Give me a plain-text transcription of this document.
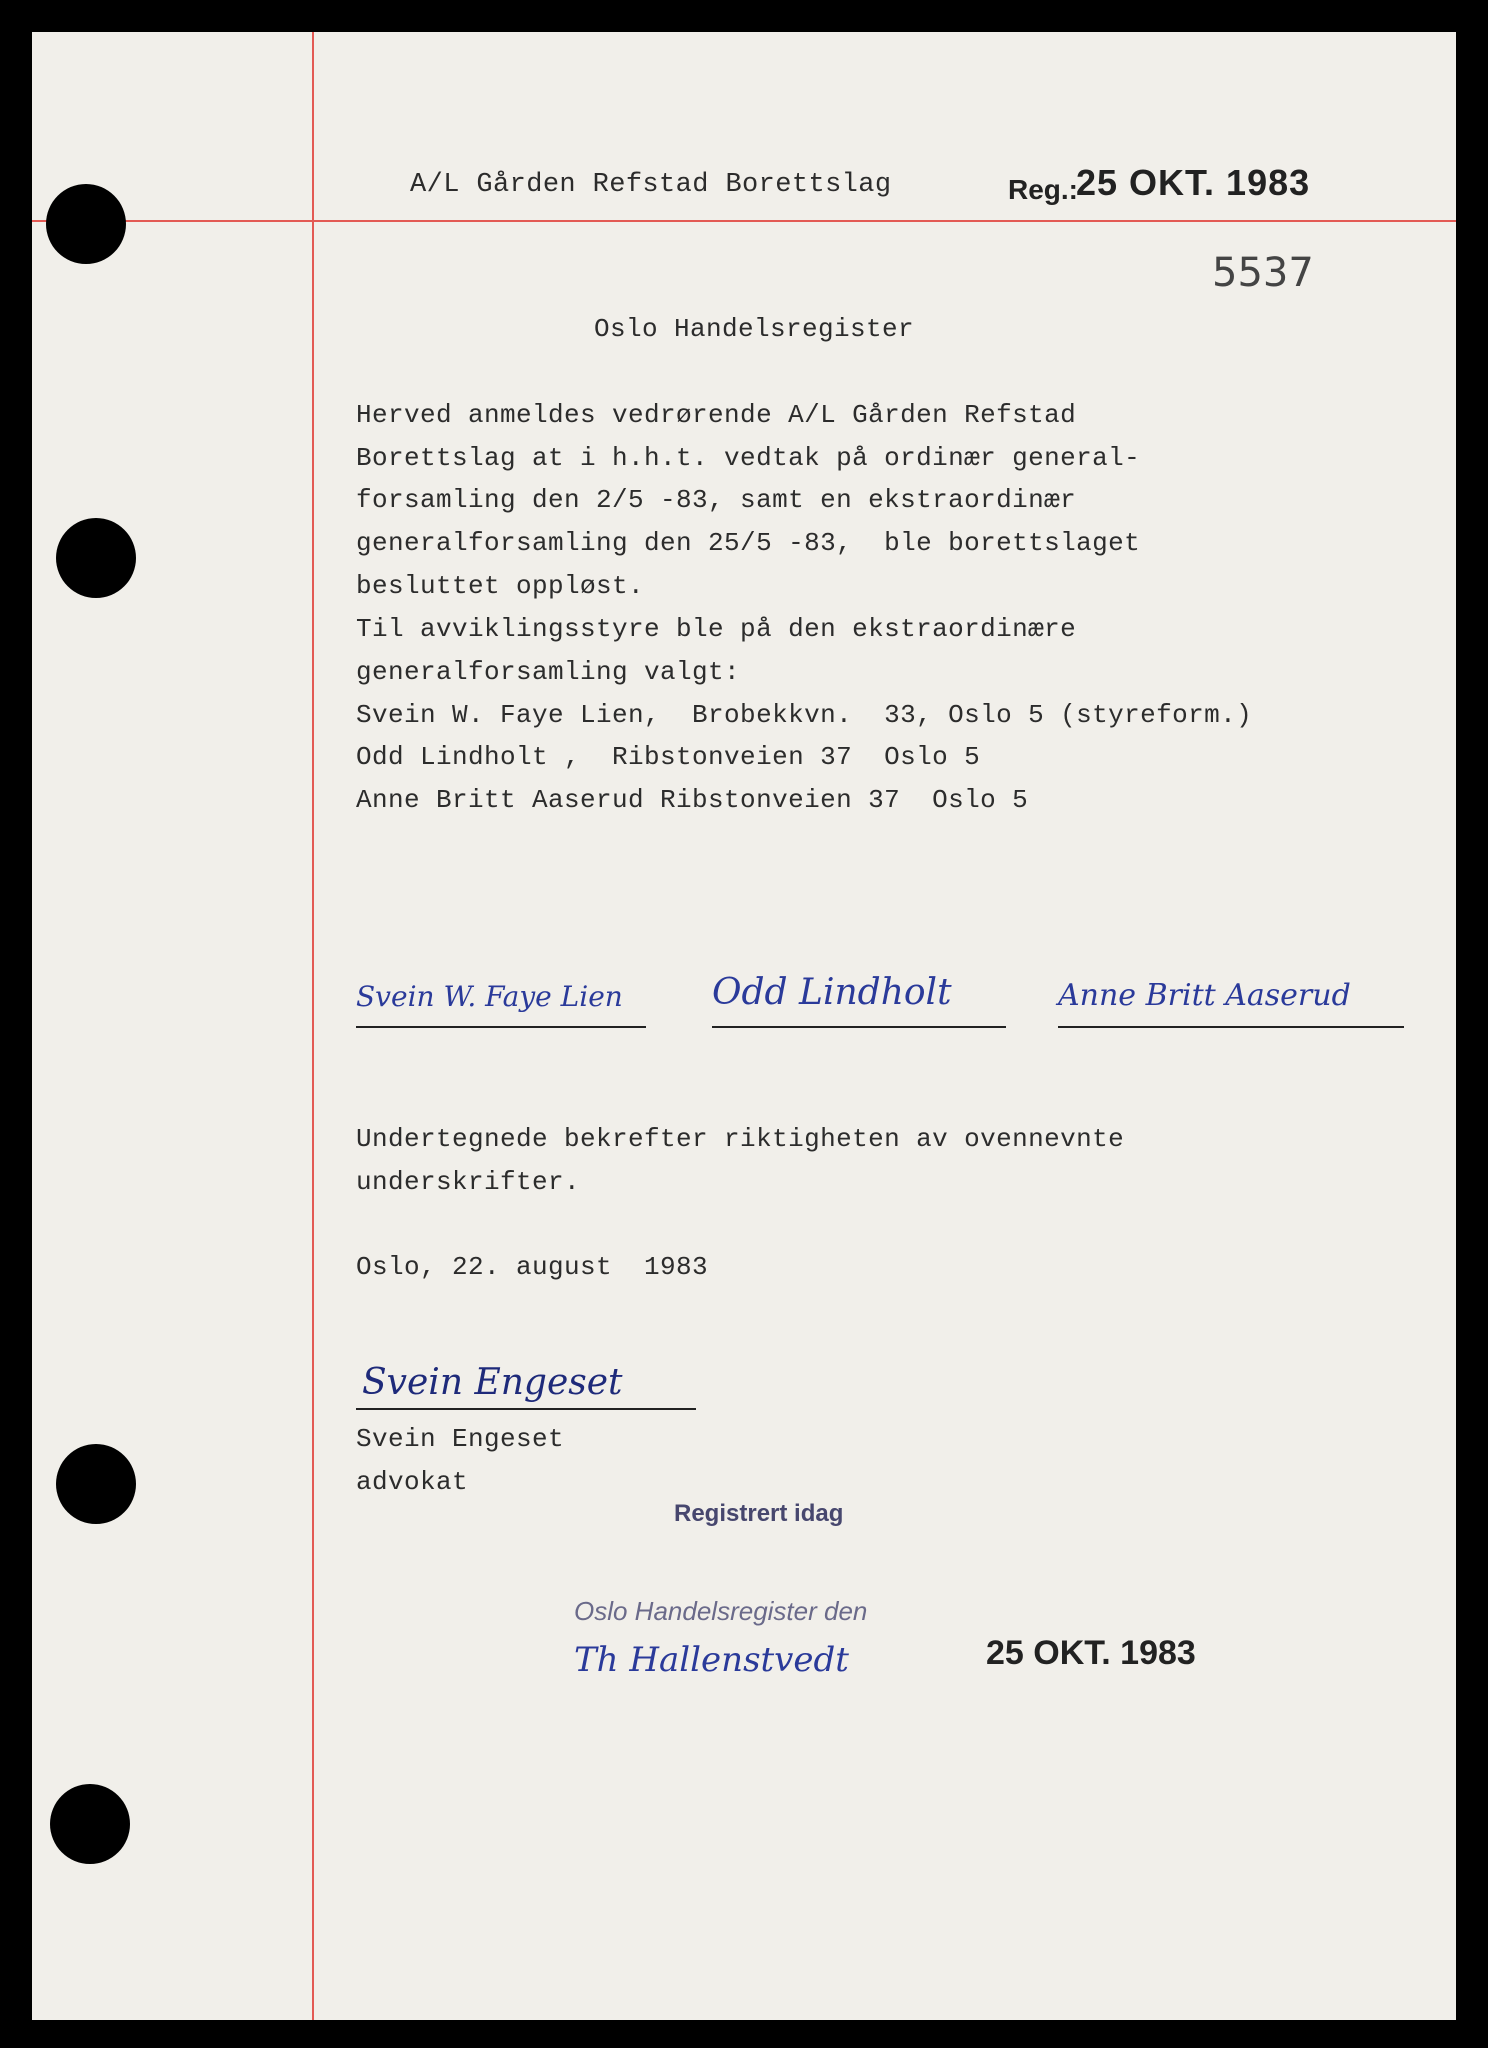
A/L Gården Refstad Borettslag	Reg.:
25 OKT. 1983
5537
Oslo Handelsregister
Herved anmeldes vedrørende A/L Gården Refstad
Borettslag at i h.h.t. vedtak på ordinær general-
forsamling den 2/5 -83, samt en ekstraordinær
generalforsamling den 25/5 -83,  ble borettslaget
besluttet oppløst.
Til avviklingsstyre ble på den ekstraordinære
generalforsamling valgt:
Svein W. Faye Lien,  Brobekkvn.  33, Oslo 5 (styreform.)
Odd Lindholt ,  Ribstonveien 37  Oslo 5
Anne Britt Aaserud Ribstonveien 37  Oslo 5
Svein W. Faye Lien Odd Lindholt	Anne Britt Aaserud
Undertegnede bekrefter riktigheten av ovennevnte
underskrifter.
Oslo, 22. august  1983
Svein Engeset
Svein Engeset
advokat
Registrert idag
Oslo Handelsregister den
Th Hallenstvedt	25 OKT. 1983
